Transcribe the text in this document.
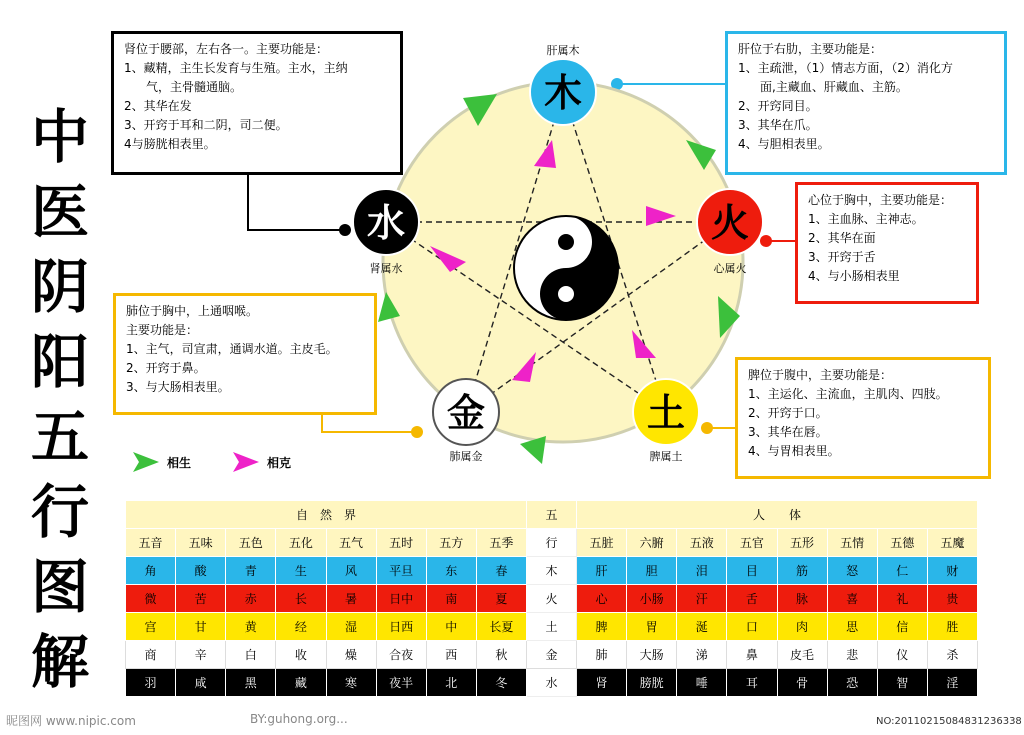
中
医
阴
阳
五
行
图
解
木
肝属木
火
心属火
土
脾属土
金
肺属金
水
肾属水
肾位于腰部，左右各一。主要功能是：
1、藏精，主生长发育与生殖。主水，主纳
气，主骨髓通脑。
2、其华在发
3、开窍于耳和二阴，司二便。
4与膀胱相表里。
肝位于右肋，主要功能是：
1、主疏泄，（1）情志方面，（2）消化方
面,主藏血、肝藏血、主筋。
2、开窍同目。
3、其华在爪。
4、与胆相表里。
心位于胸中，主要功能是：
1、主血脉、主神志。
2、其华在面
3、开窍于舌
4、与小肠相表里
肺位于胸中，上通咽喉。
主要功能是：
1、主气，司宣肃，通调水道。主皮毛。
2、开窍于鼻。
3、与大肠相表里。
脾位于腹中，主要功能是：
1、主运化、主流血，主肌肉、四肢。
2、开窍于口。
3、其华在唇。
4、与胃相表里。
相生	相克
自　然　界								五	人　　体							
五音	五味	五色	五化	五气	五时	五方	五季	行	五脏	六腑	五液	五官	五形	五情	五德	五魔
角	酸	青	生	风	平旦	东	春	木	肝	胆	泪	目	筋	怒	仁	财
微	苦	赤	长	暑	日中	南	夏	火	心	小肠	汗	舌	脉	喜	礼	贵
宫	甘	黄	经	湿	日西	中	长夏	土	脾	胃	涎	口	肉	思	信	胜
商	辛	白	收	燥	合夜	西	秋	金	肺	大肠	涕	鼻	皮毛	悲	仪	杀
羽	咸	黑	藏	寒	夜半	北	冬	水	肾	膀胱	唾	耳	骨	恐	智	淫
昵图网 www.nipic.com	BY:guhong.org...	NO:20110215084831236338
